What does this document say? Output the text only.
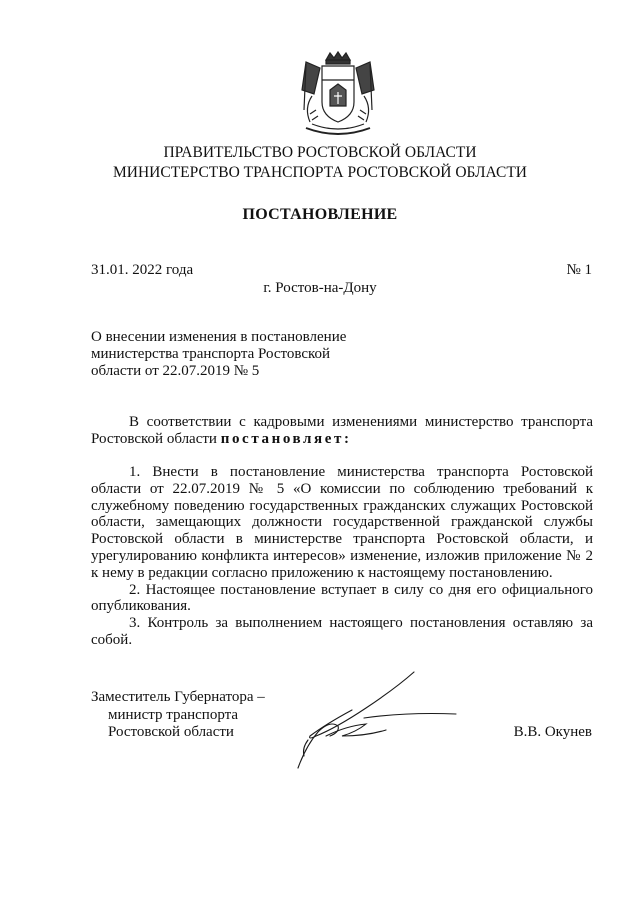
ПРАВИТЕЛЬСТВО РОСТОВСКОЙ ОБЛАСТИ
МИНИСТЕРСТВО ТРАНСПОРТА РОСТОВСКОЙ ОБЛАСТИ
ПОСТАНОВЛЕНИЕ
31.01. 2022 года	№ 1
г. Ростов-на-Дону
О внесении изменения в постановление
министерства транспорта Ростовской
области от 22.07.2019 № 5

В соответствии с кадровыми изменениями министерство транспорта Ростовской области постановляет:

1. Внести в постановление министерства транспорта Ростовской области от 22.07.2019 № 5 «О комиссии по соблюдению требований к служебному поведению государственных гражданских служащих Ростовской области, замещающих должности государственной гражданской службы Ростовской области в министерстве транспорта Ростовской области, и урегулированию конфликта интересов» изменение, изложив приложение № 2 к нему в редакции согласно приложению к настоящему постановлению.

2. Настоящее постановление вступает в силу со дня его официального опубликования.

3. Контроль за выполнением настоящего постановления оставляю за собой.

Заместитель Губернатора –
министр транспорта
Ростовской области	В.В. Окунев
